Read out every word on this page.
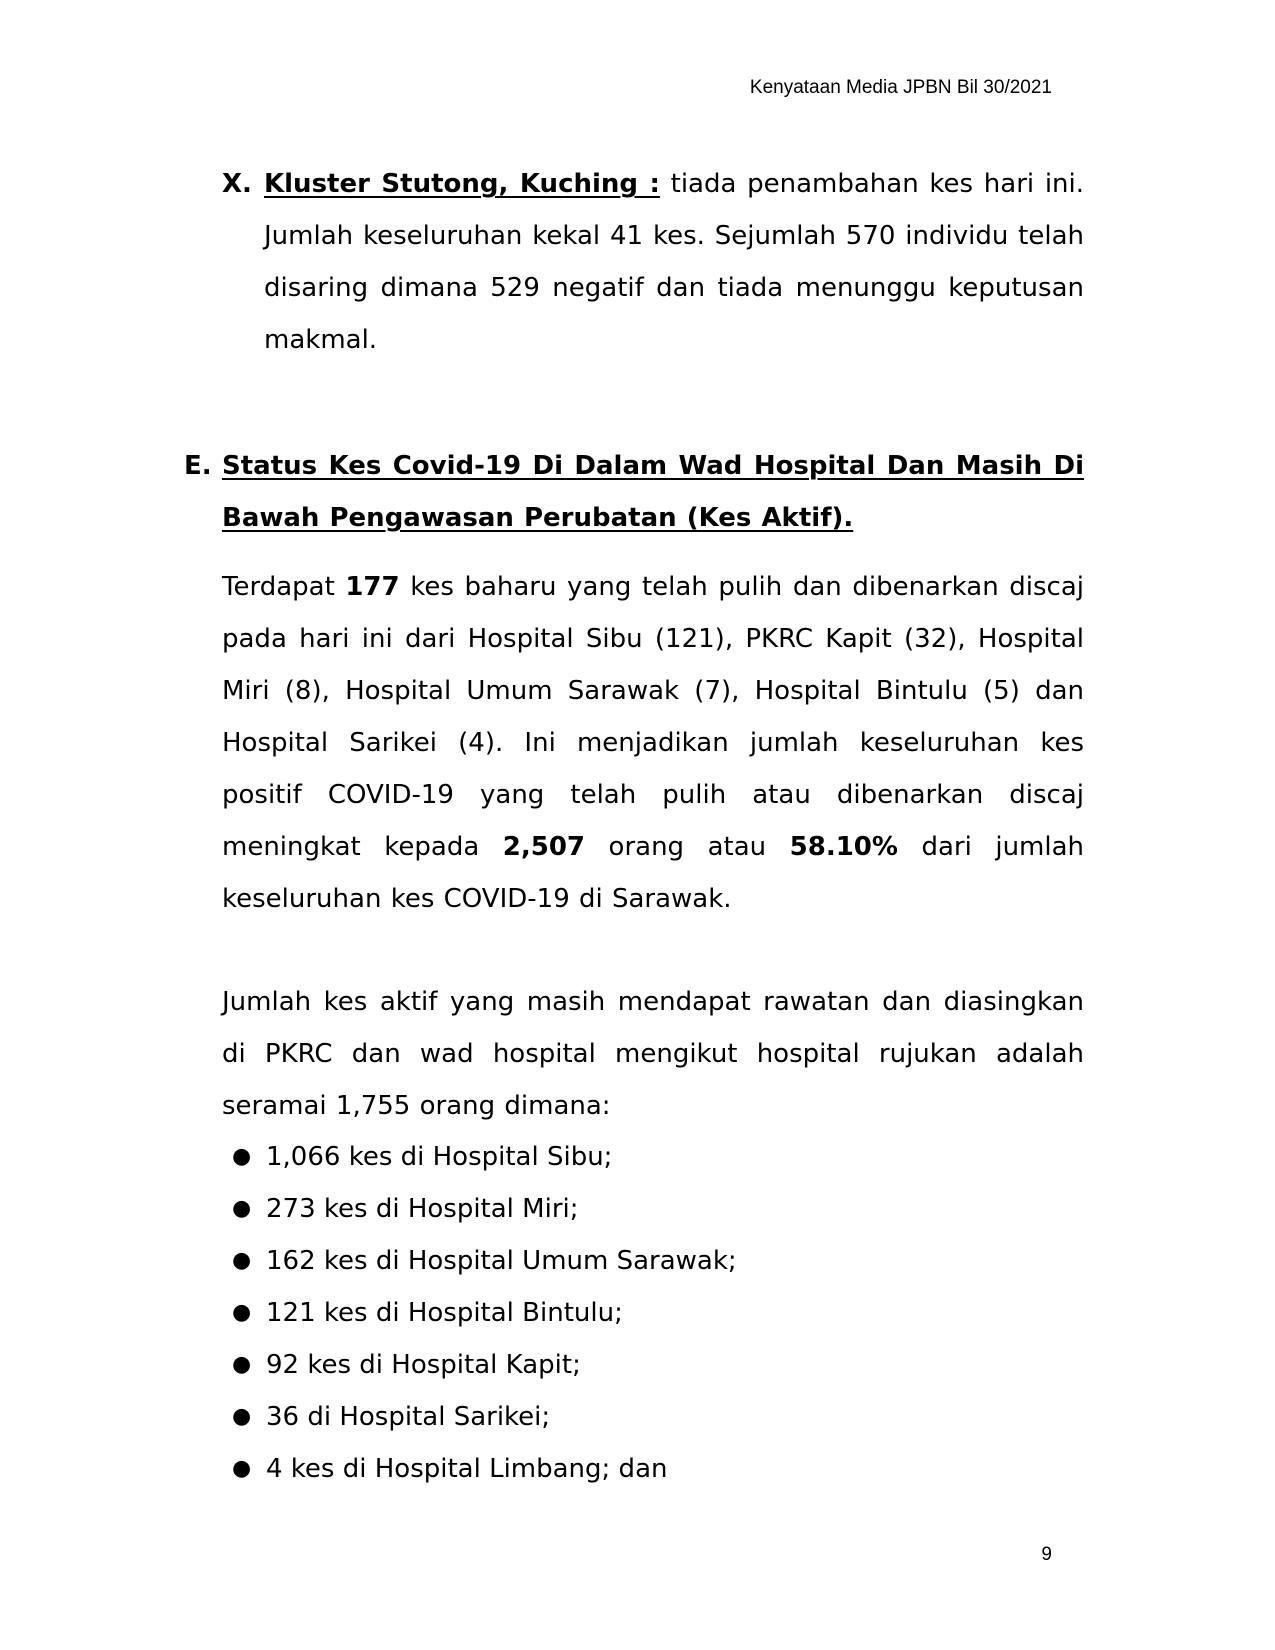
Kenyataan Media JPBN Bil 30/2021
X. Kluster Stutong, Kuching : tiada penambahan kes hari ini. Jumlah keseluruhan kekal 41 kes. Sejumlah 570 individu telah disaring dimana 529 negatif dan tiada menunggu keputusan makmal.
E. Status Kes Covid-19 Di Dalam Wad Hospital Dan Masih Di Bawah Pengawasan Perubatan (Kes Aktif).
Terdapat 177 kes baharu yang telah pulih dan dibenarkan discaj pada hari ini dari Hospital Sibu (121), PKRC Kapit (32), Hospital Miri (8), Hospital Umum Sarawak (7), Hospital Bintulu (5) dan Hospital Sarikei (4). Ini menjadikan jumlah keseluruhan kes positif COVID-19 yang telah pulih atau dibenarkan discaj meningkat kepada 2,507 orang atau 58.10% dari jumlah keseluruhan kes COVID-19 di Sarawak.
Jumlah kes aktif yang masih mendapat rawatan dan diasingkan di PKRC dan wad hospital mengikut hospital rujukan adalah seramai 1,755 orang dimana:
● 1,066 kes di Hospital Sibu;
● 273 kes di Hospital Miri;
● 162 kes di Hospital Umum Sarawak;
● 121 kes di Hospital Bintulu;
● 92 kes di Hospital Kapit;
● 36 di Hospital Sarikei;
● 4 kes di Hospital Limbang; dan
9
